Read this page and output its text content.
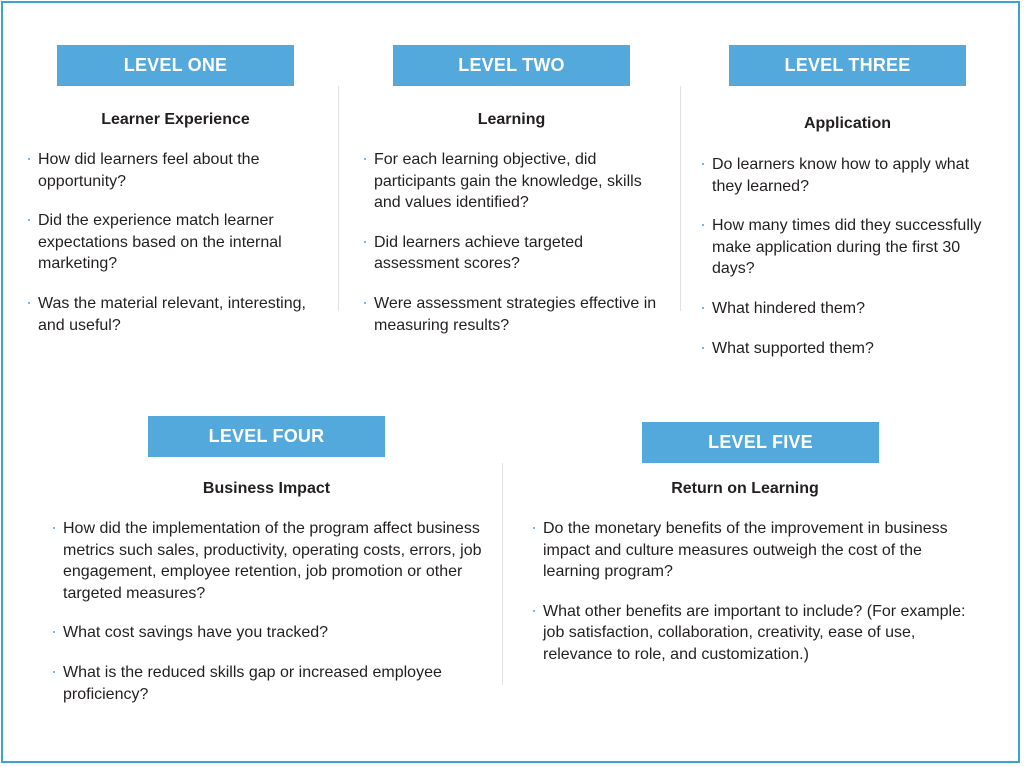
LEVEL ONE
Learner Experience
How did learners feel about the opportunity?
Did the experience match learner expectations based on the internal marketing?
Was the material relevant, interesting, and useful?
LEVEL TWO
Learning
For each learning objective, did participants gain the knowledge, skills and values identified?
Did learners achieve targeted assessment scores?
Were assessment strategies effective in measuring results?
LEVEL THREE
Application
Do learners know how to apply what they learned?
How many times did they successfully make application during the first 30 days?
What hindered them?
What supported them?
LEVEL FOUR
Business Impact
How did the implementation of the program affect business metrics such sales, productivity, operating costs, errors, job engagement, employee retention, job promotion or other targeted measures?
What cost savings have you tracked?
What is the reduced skills gap or increased employee proficiency?
LEVEL FIVE
Return on Learning
Do the monetary benefits of the improvement in business impact and culture measures outweigh the cost of the learning program?
What other benefits are important to include? (For example: job satisfaction, collaboration, creativity, ease of use, relevance to role, and customization.)
